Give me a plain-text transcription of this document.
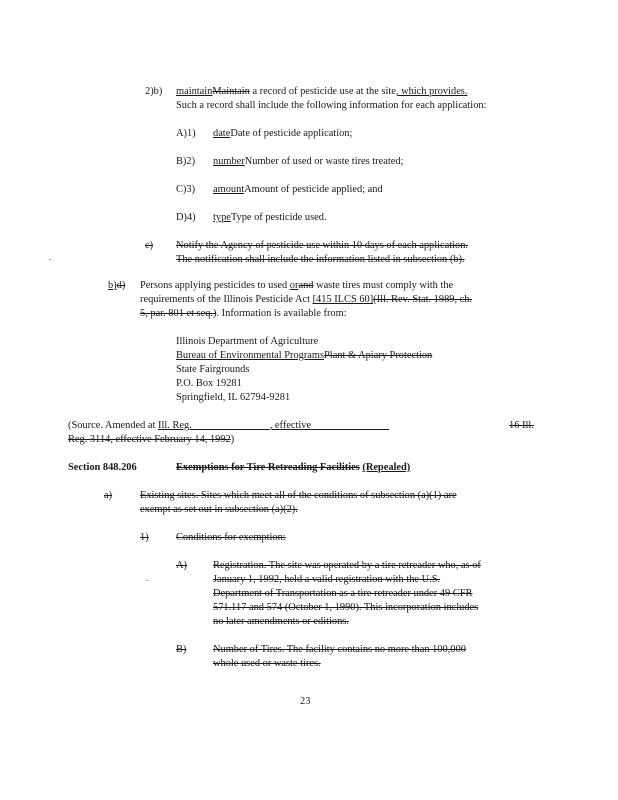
2)b) maintainMaintain a record of pesticide use at the site, which provides.
Such a record shall include the following information for each application:
A)1) dateDate of pesticide application;
B)2) numberNumber of used or waste tires treated;
C)3) amountAmount of pesticide applied; and
D)4) typeType of pesticide used.
c) Notify the Agency of pesticide use within 10 days of each application.
The notification shall include the information listed in subsection (b).
b)d) Persons applying pesticides to used orand waste tires must comply with the
requirements of the Illinois Pesticide Act [415 ILCS 60](Ill. Rev. Stat. 1989, ch.
5, par. 801 et seq.). Information is available from:
Illinois Department of Agriculture
Bureau of Environmental ProgramsPlant & Apiary Protection
State Fairgrounds
P.O. Box 19281
Springfield, IL 62794-9281
(Source. Amended at Ill. Reg.	, effective	16 Ill.
Reg. 3114, effective February 14, 1992)
Section 848.206	Exemptions for Tire Retreading Facilities (Repealed)
a)	Existing sites. Sites which meet all of the conditions of subsection (a)(1) are
exempt as set out in subsection (a)(2).
1)	Conditions for exemption:
A)	Registration. The site was operated by a tire retreader who, as of
January 1, 1992, held a valid registration with the U.S.
Department of Transportation as a tire retreader under 49 CFR
571.117 and 574 (October 1, 1990). This incorporation includes
no later amendments or editions.
B)	Number of Tires. The facility contains no more than 100,000
whole used or waste tires.
23
